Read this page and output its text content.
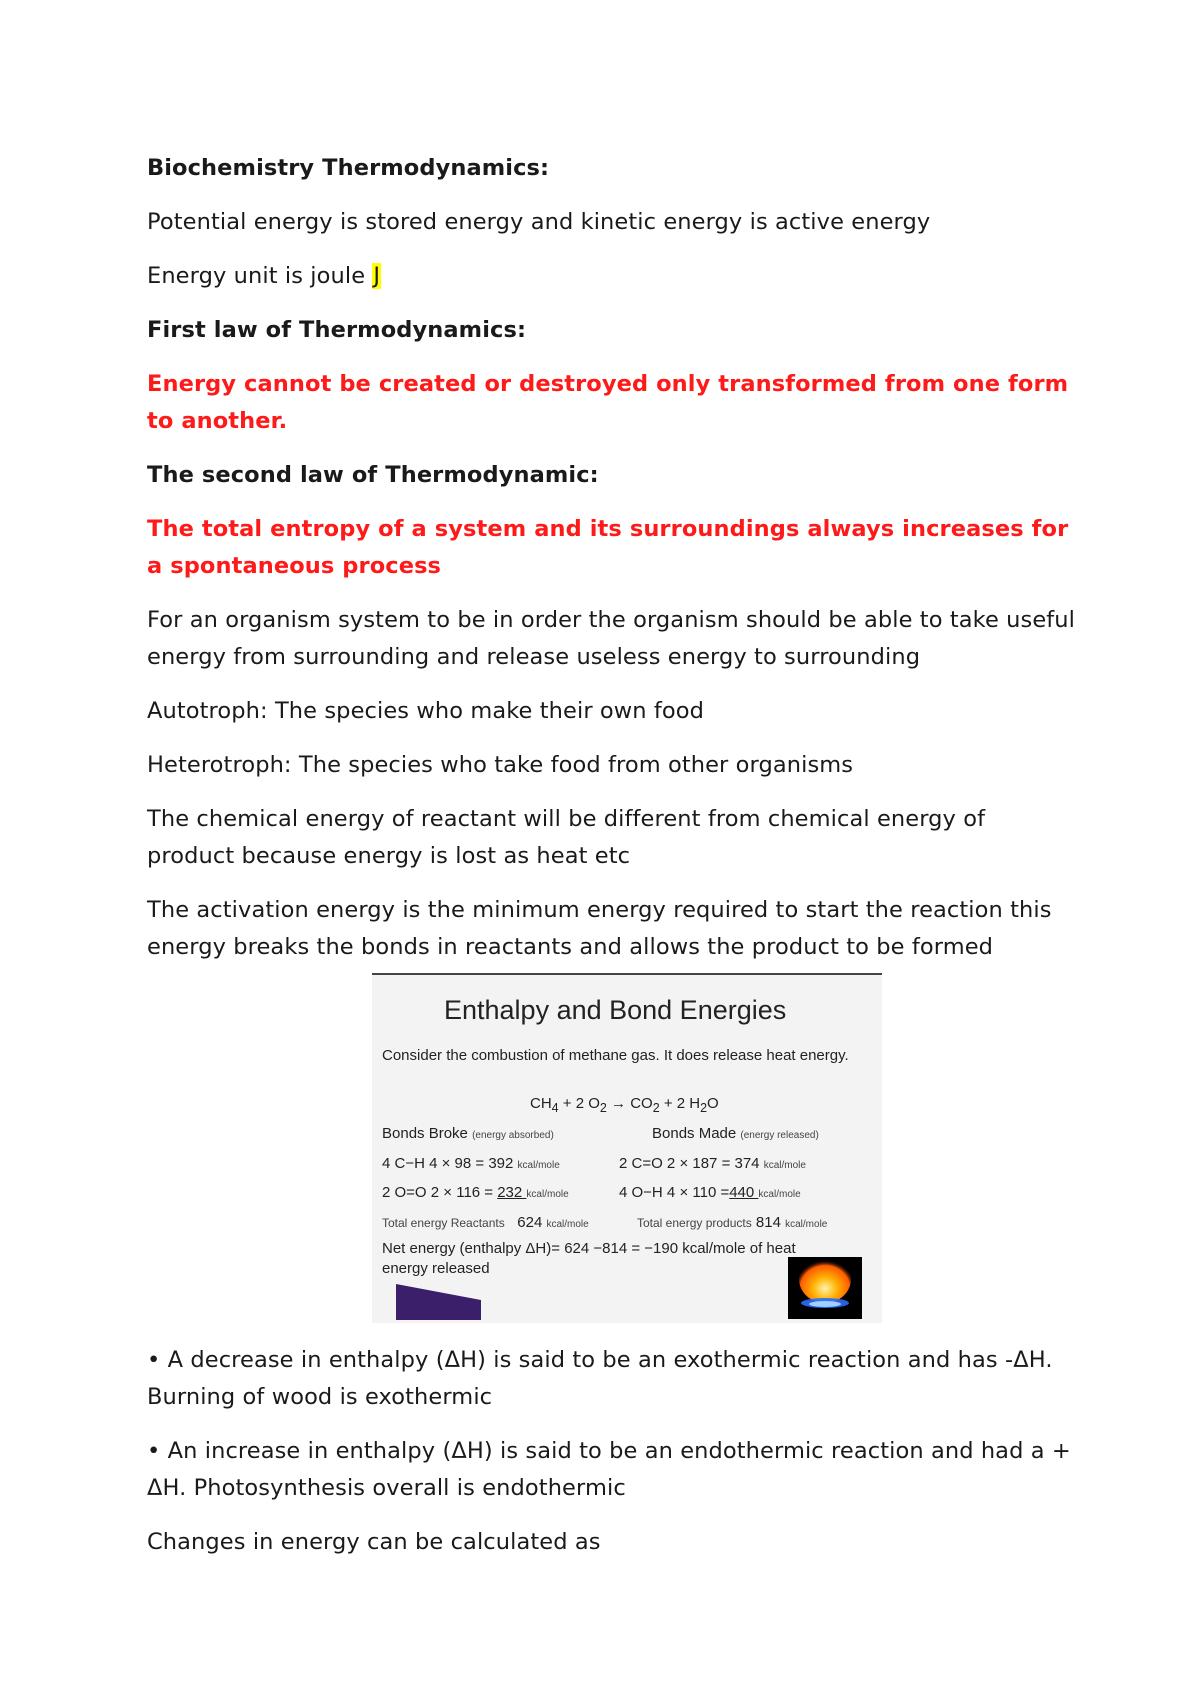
Biochemistry Thermodynamics:

Potential energy is stored energy and kinetic energy is active energy

Energy unit is joule J

First law of Thermodynamics:

Energy cannot be created or destroyed only transformed from one form to another.

The second law of Thermodynamic:

The total entropy of a system and its surroundings always increases for a spontaneous process

For an organism system to be in order the organism should be able to take useful energy from surrounding and release useless energy to surrounding

Autotroph: The species who make their own food

Heterotroph: The species who take food from other organisms

The chemical energy of reactant will be different from chemical energy of product because energy is lost as heat etc

The activation energy is the minimum energy required to start the reaction this energy breaks the bonds in reactants and allows the product to be formed

Enthalpy and Bond Energies
Consider the combustion of methane gas. It does release heat energy.
$CH_4 + 2$ $O_2 \to CO_2 + 2$ $H_2O$
Bonds Broke (energy absorbed)	Bonds Made (energy released)
4 C−H 4 × 98 = 392 kcal/mole	2 C=O 2 × 187 = 374 kcal/mole
2 O=O 2 × 116 = 232 kcal/mole	4 O−H 4 × 110 =440 kcal/mole
Total energy Reactants 624 kcal/mole	Total energy products 814 kcal/mole
Net energy (enthalpy ΔH)= 624 −814 = −190 kcal/mole of heat energy released

• A decrease in enthalpy (ΔH) is said to be an exothermic reaction and has -ΔH. Burning of wood is exothermic

• An increase in enthalpy (ΔH) is said to be an endothermic reaction and had a + ΔH. Photosynthesis overall is endothermic

Changes in energy can be calculated as
